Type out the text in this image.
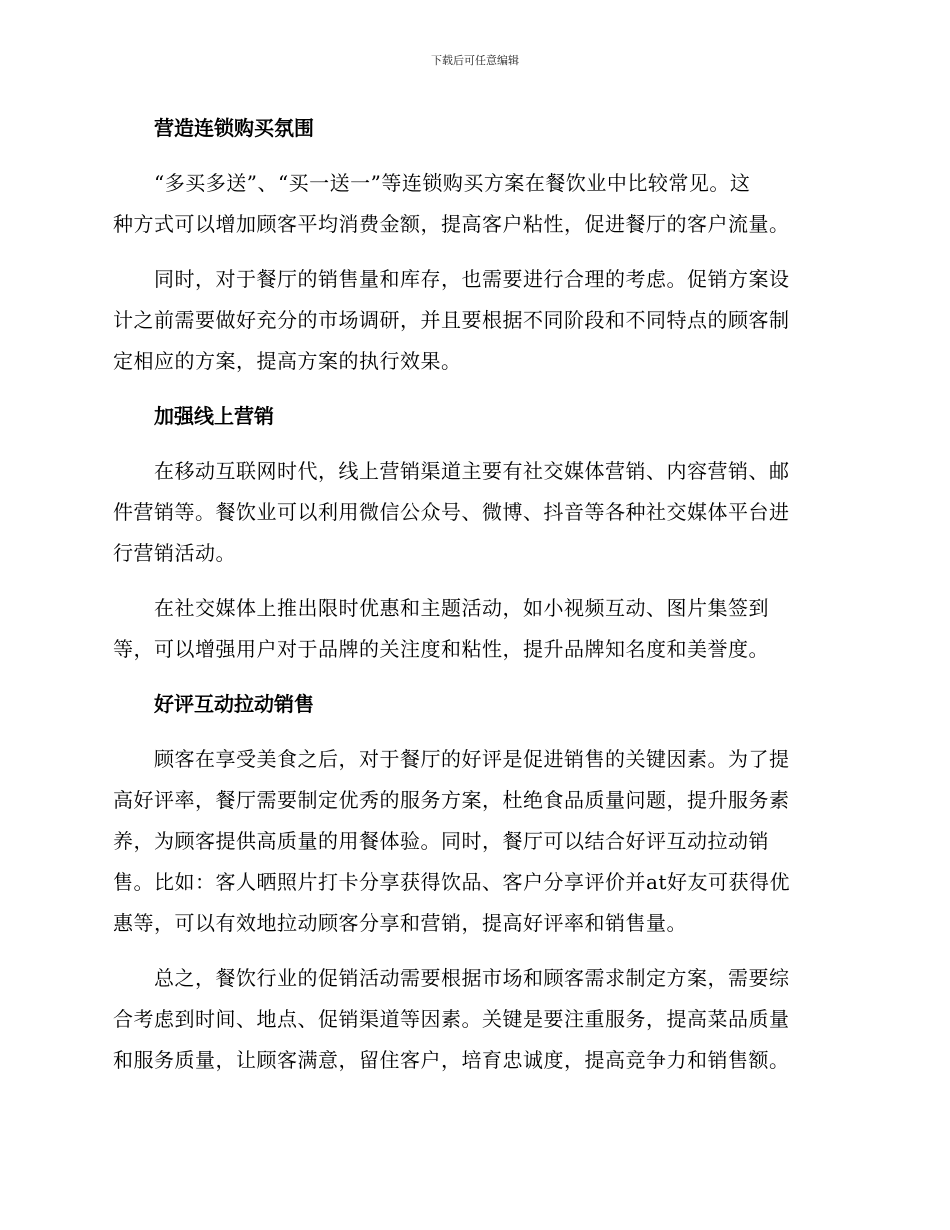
下载后可任意编辑
营造连锁购买氛围
“多买多送”、“买一送一”等连锁购买方案在餐饮业中比较常见。这
种方式可以增加顾客平均消费金额，提高客户粘性，促进餐厅的客户流量。
同时，对于餐厅的销售量和库存，也需要进行合理的考虑。促销方案设
计之前需要做好充分的市场调研，并且要根据不同阶段和不同特点的顾客制
定相应的方案，提高方案的执行效果。
加强线上营销
在移动互联网时代，线上营销渠道主要有社交媒体营销、内容营销、邮
件营销等。餐饮业可以利用微信公众号、微博、抖音等各种社交媒体平台进
行营销活动。
在社交媒体上推出限时优惠和主题活动，如小视频互动、图片集签到
等，可以增强用户对于品牌的关注度和粘性，提升品牌知名度和美誉度。
好评互动拉动销售
顾客在享受美食之后，对于餐厅的好评是促进销售的关键因素。为了提
高好评率，餐厅需要制定优秀的服务方案，杜绝食品质量问题，提升服务素
养，为顾客提供高质量的用餐体验。同时，餐厅可以结合好评互动拉动销
售。比如：客人晒照片打卡分享获得饮品、客户分享评价并at好友可获得优
惠等，可以有效地拉动顾客分享和营销，提高好评率和销售量。
总之，餐饮行业的促销活动需要根据市场和顾客需求制定方案，需要综
合考虑到时间、地点、促销渠道等因素。关键是要注重服务，提高菜品质量
和服务质量，让顾客满意，留住客户，培育忠诚度，提高竞争力和销售额。
